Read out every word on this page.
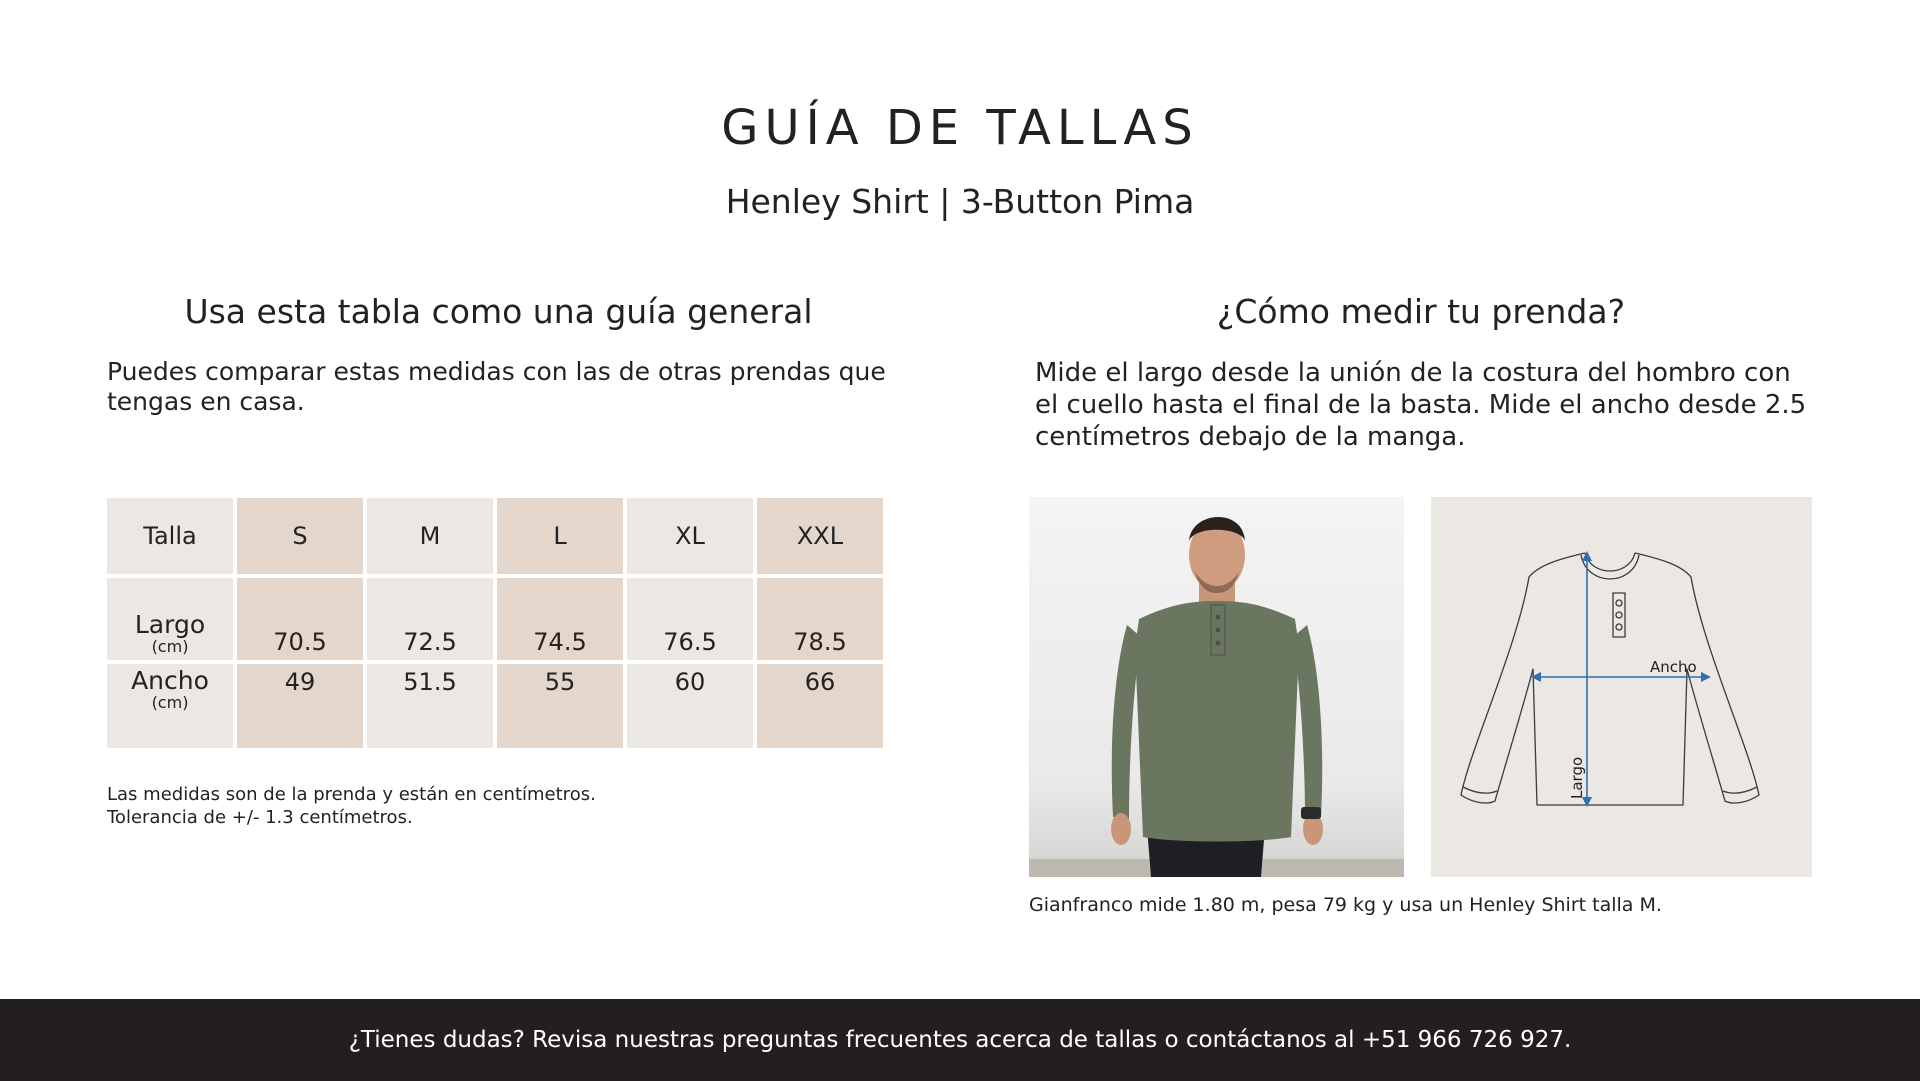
GUÍA DE TALLAS
Henley Shirt | 3-Button Pima
Usa esta tabla como una guía general

Puedes comparar estas medidas con las de otras prendas que tengas en casa.

Talla	S	M	L	XL	XXL

Largo
(cm)	70.5	72.5	74.5	76.5	78.5

Ancho
(cm)	49	51.5	55	60	66
Las medidas son de la prenda y están en centímetros.
Tolerancia de +/- 1.3 centímetros.
¿Cómo medir tu prenda?

Mide el largo desde la unión de la costura del hombro con el cuello hasta el final de la basta. Mide el ancho desde 2.5 centímetros debajo de la manga.

Ancho
Largo

Gianfranco mide 1.80 m, pesa 79 kg y usa un Henley Shirt talla M.

¿Tienes dudas? Revisa nuestras preguntas frecuentes acerca de tallas o contáctanos al +51 966 726 927.
